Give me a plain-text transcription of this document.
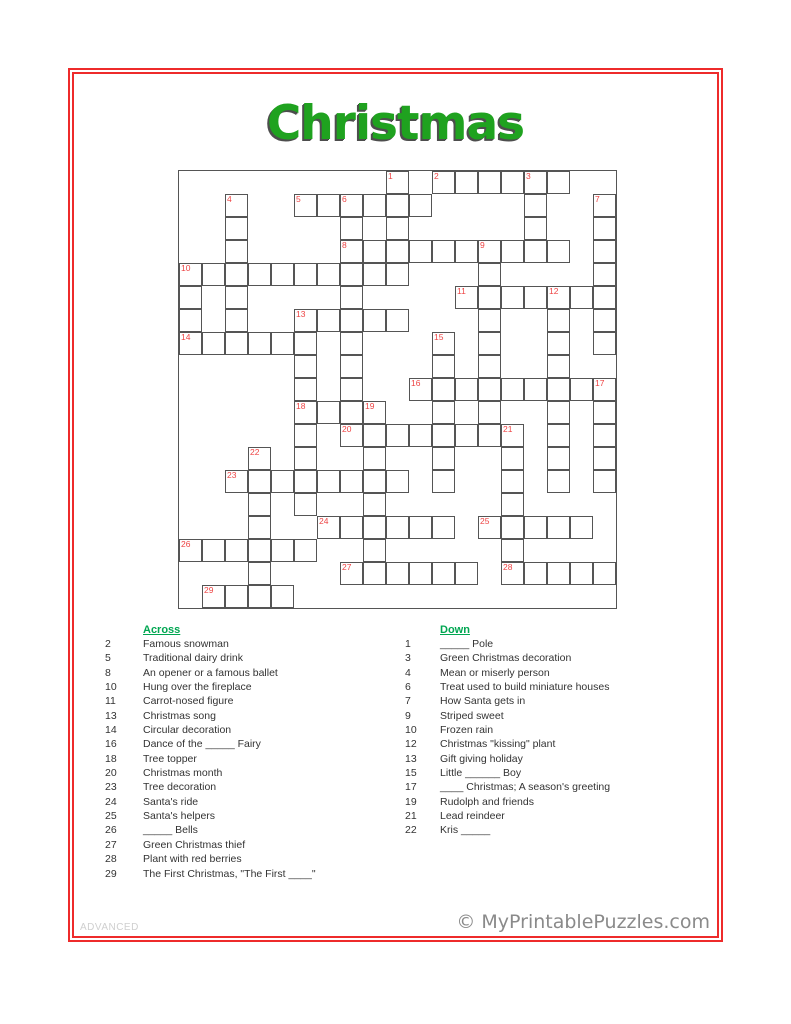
Christmas
1	2	3
4	5	6	7
8	9
10
11	12
13
14	15
16	17
18	19
20	21
22
23
24	25
26
27	28
29
Across
2	Famous snowman
5	Traditional dairy drink
8	An opener or a famous ballet
10	Hung over the fireplace
11	Carrot-nosed figure
13	Christmas song
14	Circular decoration
16	Dance of the _____ Fairy
18	Tree topper
20	Christmas month
23	Tree decoration
24	Santa's ride
25	Santa's helpers
26	_____ Bells
27	Green Christmas thief
28	Plant with red berries
29	The First Christmas, "The First ____"
Down
1	_____ Pole
3	Green Christmas decoration
4	Mean or miserly person
6	Treat used to build miniature houses
7	How Santa gets in
9	Striped sweet
10	Frozen rain
12	Christmas "kissing" plant
13	Gift giving holiday
15	Little ______ Boy
17	____ Christmas; A season's greeting
19	Rudolph and friends
21	Lead reindeer
22	Kris _____
ADVANCED	© MyPrintablePuzzles.com
